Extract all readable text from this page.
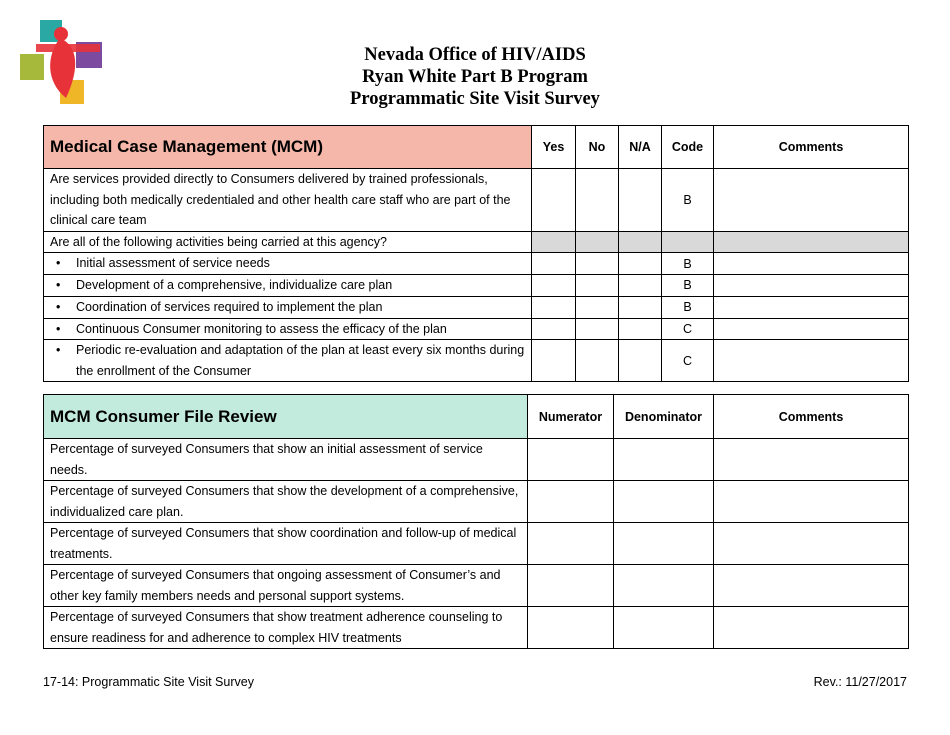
Nevada Office of HIV/AIDS
Ryan White Part B Program
Programmatic Site Visit Survey
Medical Case Management (MCM)	Yes	No	N/A	Code	Comments
Are services provided directly to Consumers delivered by trained professionals, including both medically credentialed and other health care staff who are part of the clinical care team				B	
Are all of the following activities being carried at this agency?					
• Initial assessment of service needs				B	
• Development of a comprehensive, individualize care plan				B	
• Coordination of services required to implement the plan				B	
• Continuous Consumer monitoring to assess the efficacy of the plan				C	
• Periodic re-evaluation and adaptation of the plan at least every six months during the enrollment of the Consumer				C	
MCM Consumer File Review	Numerator	Denominator	Comments
Percentage of surveyed Consumers that show an initial assessment of service needs.			
Percentage of surveyed Consumers that show the development of a comprehensive, individualized care plan.			
Percentage of surveyed Consumers that show coordination and follow-up of medical treatments.			
Percentage of surveyed Consumers that ongoing assessment of Consumer’s and other key family members needs and personal support systems.			
Percentage of surveyed Consumers that show treatment adherence counseling to ensure readiness for and adherence to complex HIV treatments			
17-14: Programmatic Site Visit Survey	Rev.: 11/27/2017
